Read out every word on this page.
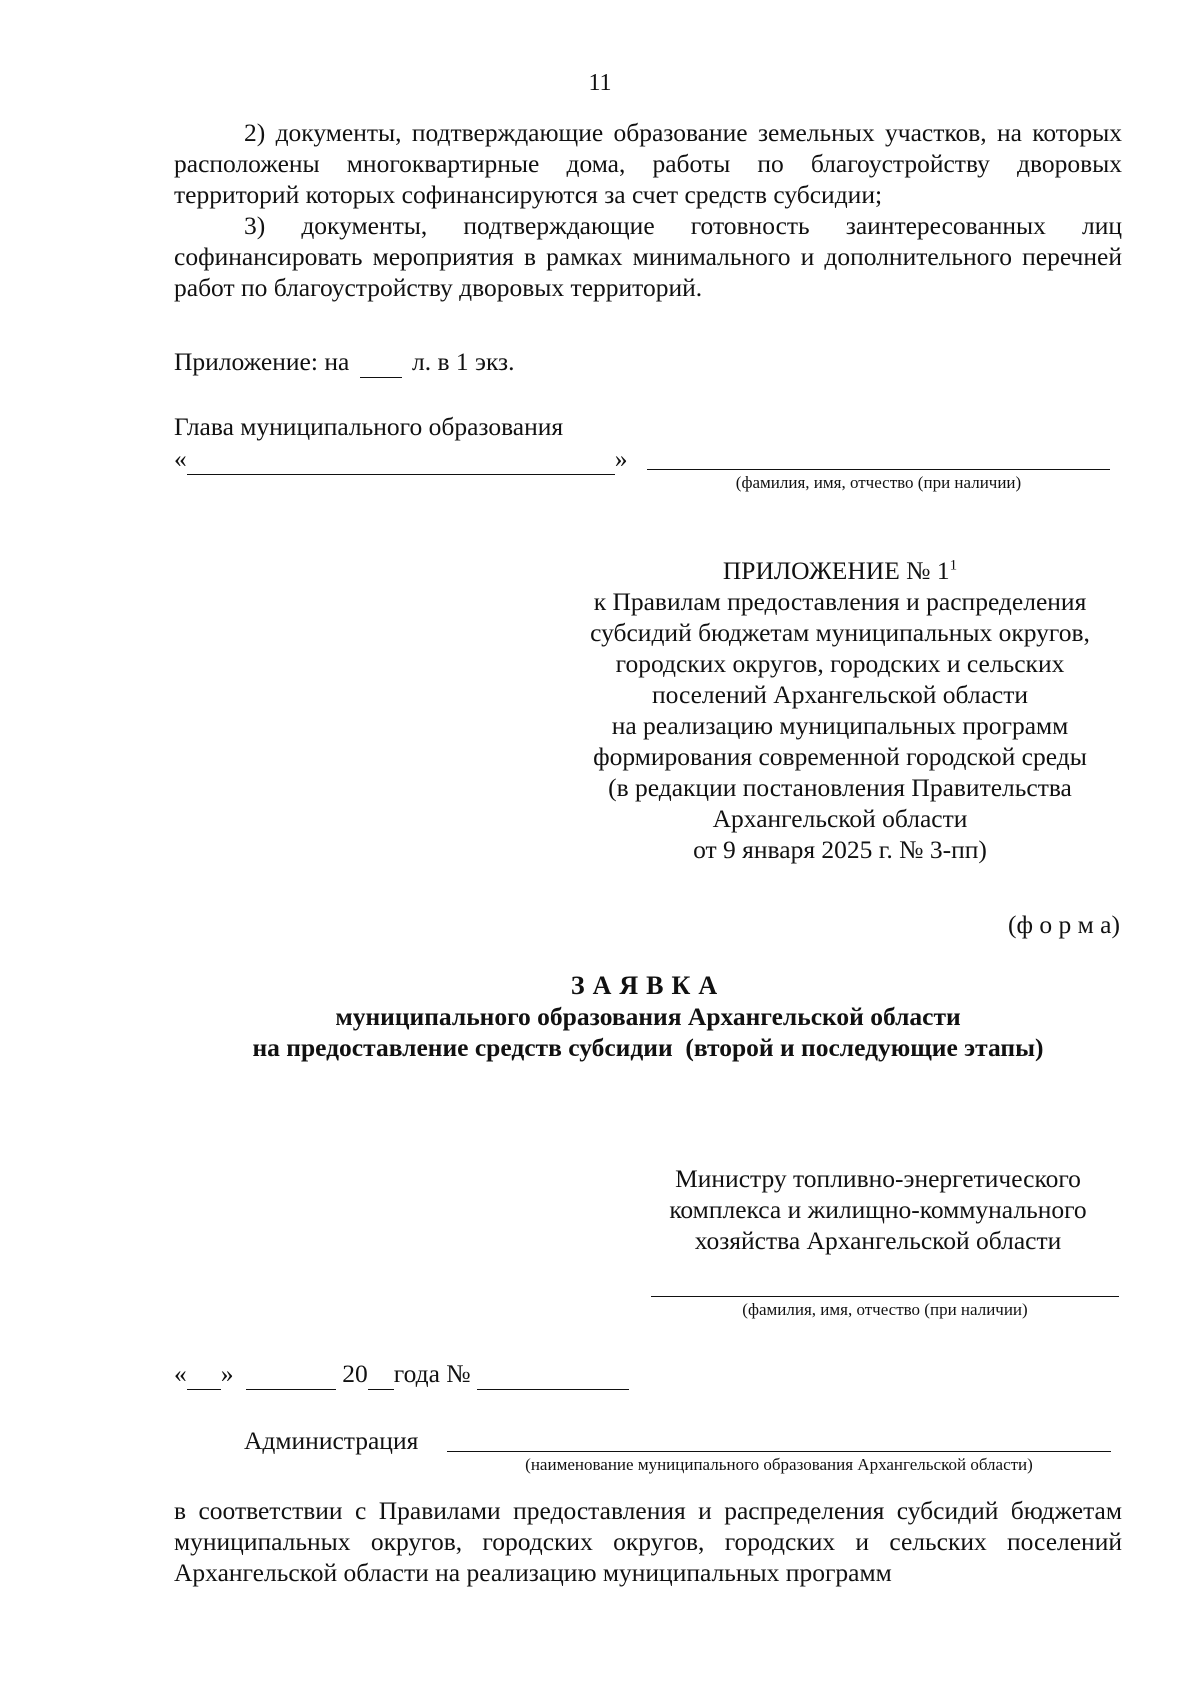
11

2) документы, подтверждающие образование земельных участков, на которых расположены многоквартирные дома, работы по благоустройству дворовых территорий которых софинансируются за счет средств субсидии;

3) документы, подтверждающие готовность заинтересованных лиц софинансировать мероприятия в рамках минимального и дополнительного перечней работ по благоустройству дворовых территорий.

Приложение: на л. в 1 экз.
Глава муниципального образования
«	»
(фамилия, имя, отчество (при наличии)
ПРИЛОЖЕНИЕ № $1^1$
к Правилам предоставления и распределения
субсидий бюджетам муниципальных округов,
городских округов, городских и сельских
поселений Архангельской области
на реализацию муниципальных программ
формирования современной городской среды
(в редакции постановления Правительства
Архангельской области
от 9 января 2025 г. № 3-пп)
(ф о р м а)
ЗАЯВКА
муниципального образования Архангельской области
на предоставление средств субсидии  (второй и последующие этапы)
Министру топливно-энергетического
комплекса и жилищно-коммунального
хозяйства Архангельской области
(фамилия, имя, отчество (при наличии)
« »	20 года №
Администрация
(наименование муниципального образования Архангельской области)
в соответствии с Правилами предоставления и распределения субсидий бюджетам муниципальных округов, городских округов, городских и сельских поселений Архангельской области на реализацию муниципальных программ
